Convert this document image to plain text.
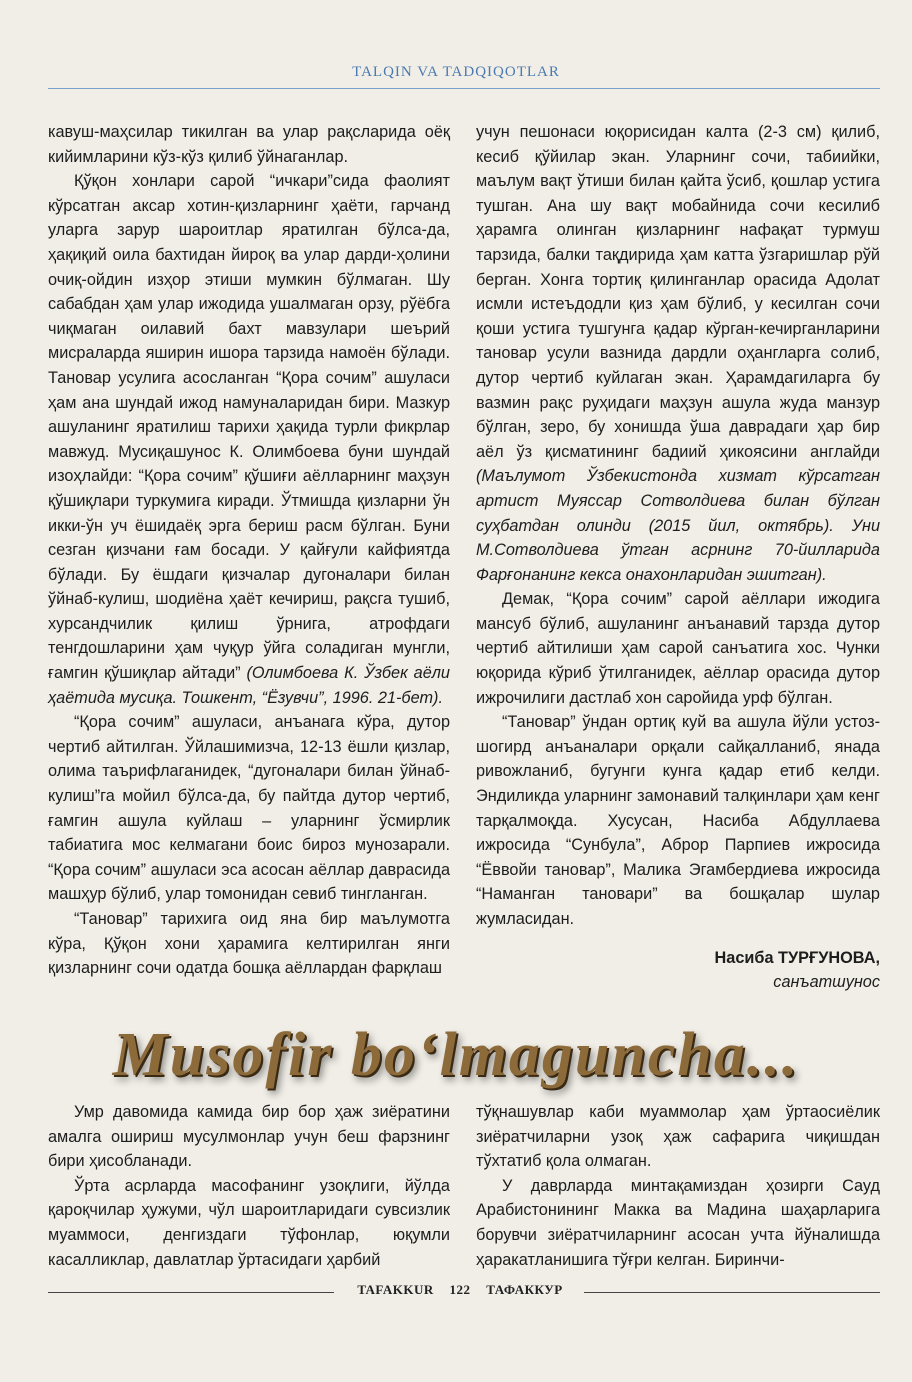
TALQIN VA TADQIQOTLAR

кавуш-маҳсилар тикилган ва улар рақсларида оёқ кийимларини кўз-кўз қилиб ўйнаганлар.

Қўқон хонлари сарой “ичкари”сида фаолият кўрсатган аксар хотин-қизларнинг ҳаёти, гарчанд уларга зарур шароитлар яратилган бўлса-да, ҳақиқий оила бахтидан йироқ ва улар дарди-ҳолини очиқ-ойдин изҳор этиши мумкин бўлмаган. Шу сабабдан ҳам улар ижодида ушалмаган орзу, рўёбга чиқмаган оилавий бахт мавзулари шеърий мисраларда яширин ишора тарзида намоён бўлади. Тановар усулига асосланган “Қора сочим” ашуласи ҳам ана шундай ижод намуналаридан бири. Мазкур ашуланинг яратилиш тарихи ҳақида турли фикрлар мавжуд. Мусиқашунос К. Олимбоева буни шундай изоҳлайди: “Қора сочим” қўшиғи аёлларнинг маҳзун қўшиқлари туркумига киради. Ўтмишда қизларни ўн икки-ўн уч ёшидаёқ эрга бериш расм бўлган. Буни сезган қизчани ғам босади. У қайғули кайфиятда бўлади. Бу ёшдаги қизчалар дугоналари билан ўйнаб-кулиш, шодиёна ҳаёт кечириш, рақсга тушиб, хурсандчилик қилиш ўрнига, атрофдаги тенгдошларини ҳам чуқур ўйга соладиган мунгли, ғамгин қўшиқлар айтади” (Олимбоева К. Ўзбек аёли ҳаётида мусиқа. Тошкент, “Ёзувчи”, 1996. 21-бет).

“Қора сочим” ашуласи, анъанага кўра, дутор чертиб айтилган. Ўйлашимизча, 12-13 ёшли қизлар, олима таърифлаганидек, “дугоналари билан ўйнаб-кулиш”га мойил бўлса-да, бу пайтда дутор чертиб, ғамгин ашула куйлаш – уларнинг ўсмирлик табиатига мос келмагани боис бироз мунозарали. “Қора сочим” ашуласи эса асосан аёллар даврасида машҳур бўлиб, улар томонидан севиб тингланган.

“Тановар” тарихига оид яна бир маълумотга кўра, Қўқон хони ҳарамига келтирилган янги қизларнинг сочи одатда бошқа аёллардан фарқлаш

учун пешонаси юқорисидан калта (2-3 см) қилиб, кесиб қўйилар экан. Уларнинг сочи, табиийки, маълум вақт ўтиши билан қайта ўсиб, қошлар устига тушган. Ана шу вақт мобайнида сочи кесилиб ҳарамга олинган қизларнинг нафақат турмуш тарзида, балки тақдирида ҳам катта ўзгаришлар рўй берган. Хонга тортиқ қилинганлар орасида Адолат исмли истеъдодли қиз ҳам бўлиб, у кесилган сочи қоши устига тушгунга қадар кўрган-кечирганларини тановар усули вазнида дардли оҳангларга солиб, дутор чертиб куйлаган экан. Ҳарамдагиларга бу вазмин рақс руҳидаги маҳзун ашула жуда манзур бўлган, зеро, бу хонишда ўша даврадаги ҳар бир аёл ўз қисматининг бадиий ҳикоясини англайди (Маълумот Ўзбекистонда хизмат кўрсатган артист Муяссар Сотволдиева билан бўлган суҳбатдан олинди (2015 йил, октябрь). Уни М.Сотволдиева ўтган асрнинг 70-йилларида Фарғонанинг кекса онахонларидан эшитган).

Демак, “Қора сочим” сарой аёллари ижодига мансуб бўлиб, ашуланинг анъанавий тарзда дутор чертиб айтилиши ҳам сарой санъатига хос. Чунки юқорида кўриб ўтилганидек, аёллар орасида дутор ижрочилиги дастлаб хон саройида урф бўлган.

“Тановар” ўндан ортиқ куй ва ашула йўли устоз-шогирд анъаналари орқали сайқалланиб, янада ривожланиб, бугунги кунга қадар етиб келди. Эндиликда уларнинг замонавий талқинлари ҳам кенг тарқалмоқда. Хусусан, Насиба Абдуллаева ижросида “Сунбула”, Аброр Парпиев ижросида “Ёввойи тановар”, Малика Эгамбердиева ижросида “Наманган тановари” ва бошқалар шулар жумласидан.

Насиба ТУРҒУНОВА,

санъатшунос

Musofir bo‘lmaguncha...

Умр давомида камида бир бор ҳаж зиёратини амалга ошириш мусулмонлар учун беш фарзнинг бири ҳисобланади.

Ўрта асрларда масофанинг узоқлиги, йўлда қароқчилар ҳужуми, чўл шароитларидаги сувсизлик муаммоси, денгиздаги тўфонлар, юқумли касалликлар, давлатлар ўртасидаги ҳарбий

тўқнашувлар каби муаммолар ҳам ўртаосиёлик зиёратчиларни узоқ ҳаж сафарига чиқишдан тўхтатиб қола олмаган.

У даврларда минтақамиздан ҳозирги Сауд Арабистонининг Макка ва Мадина шаҳарларига борувчи зиёратчиларнинг асосан учта йўналишда ҳаракатланишига тўғри келган. Биринчи-

TAFAKKUR 122 ТАФАККУР
